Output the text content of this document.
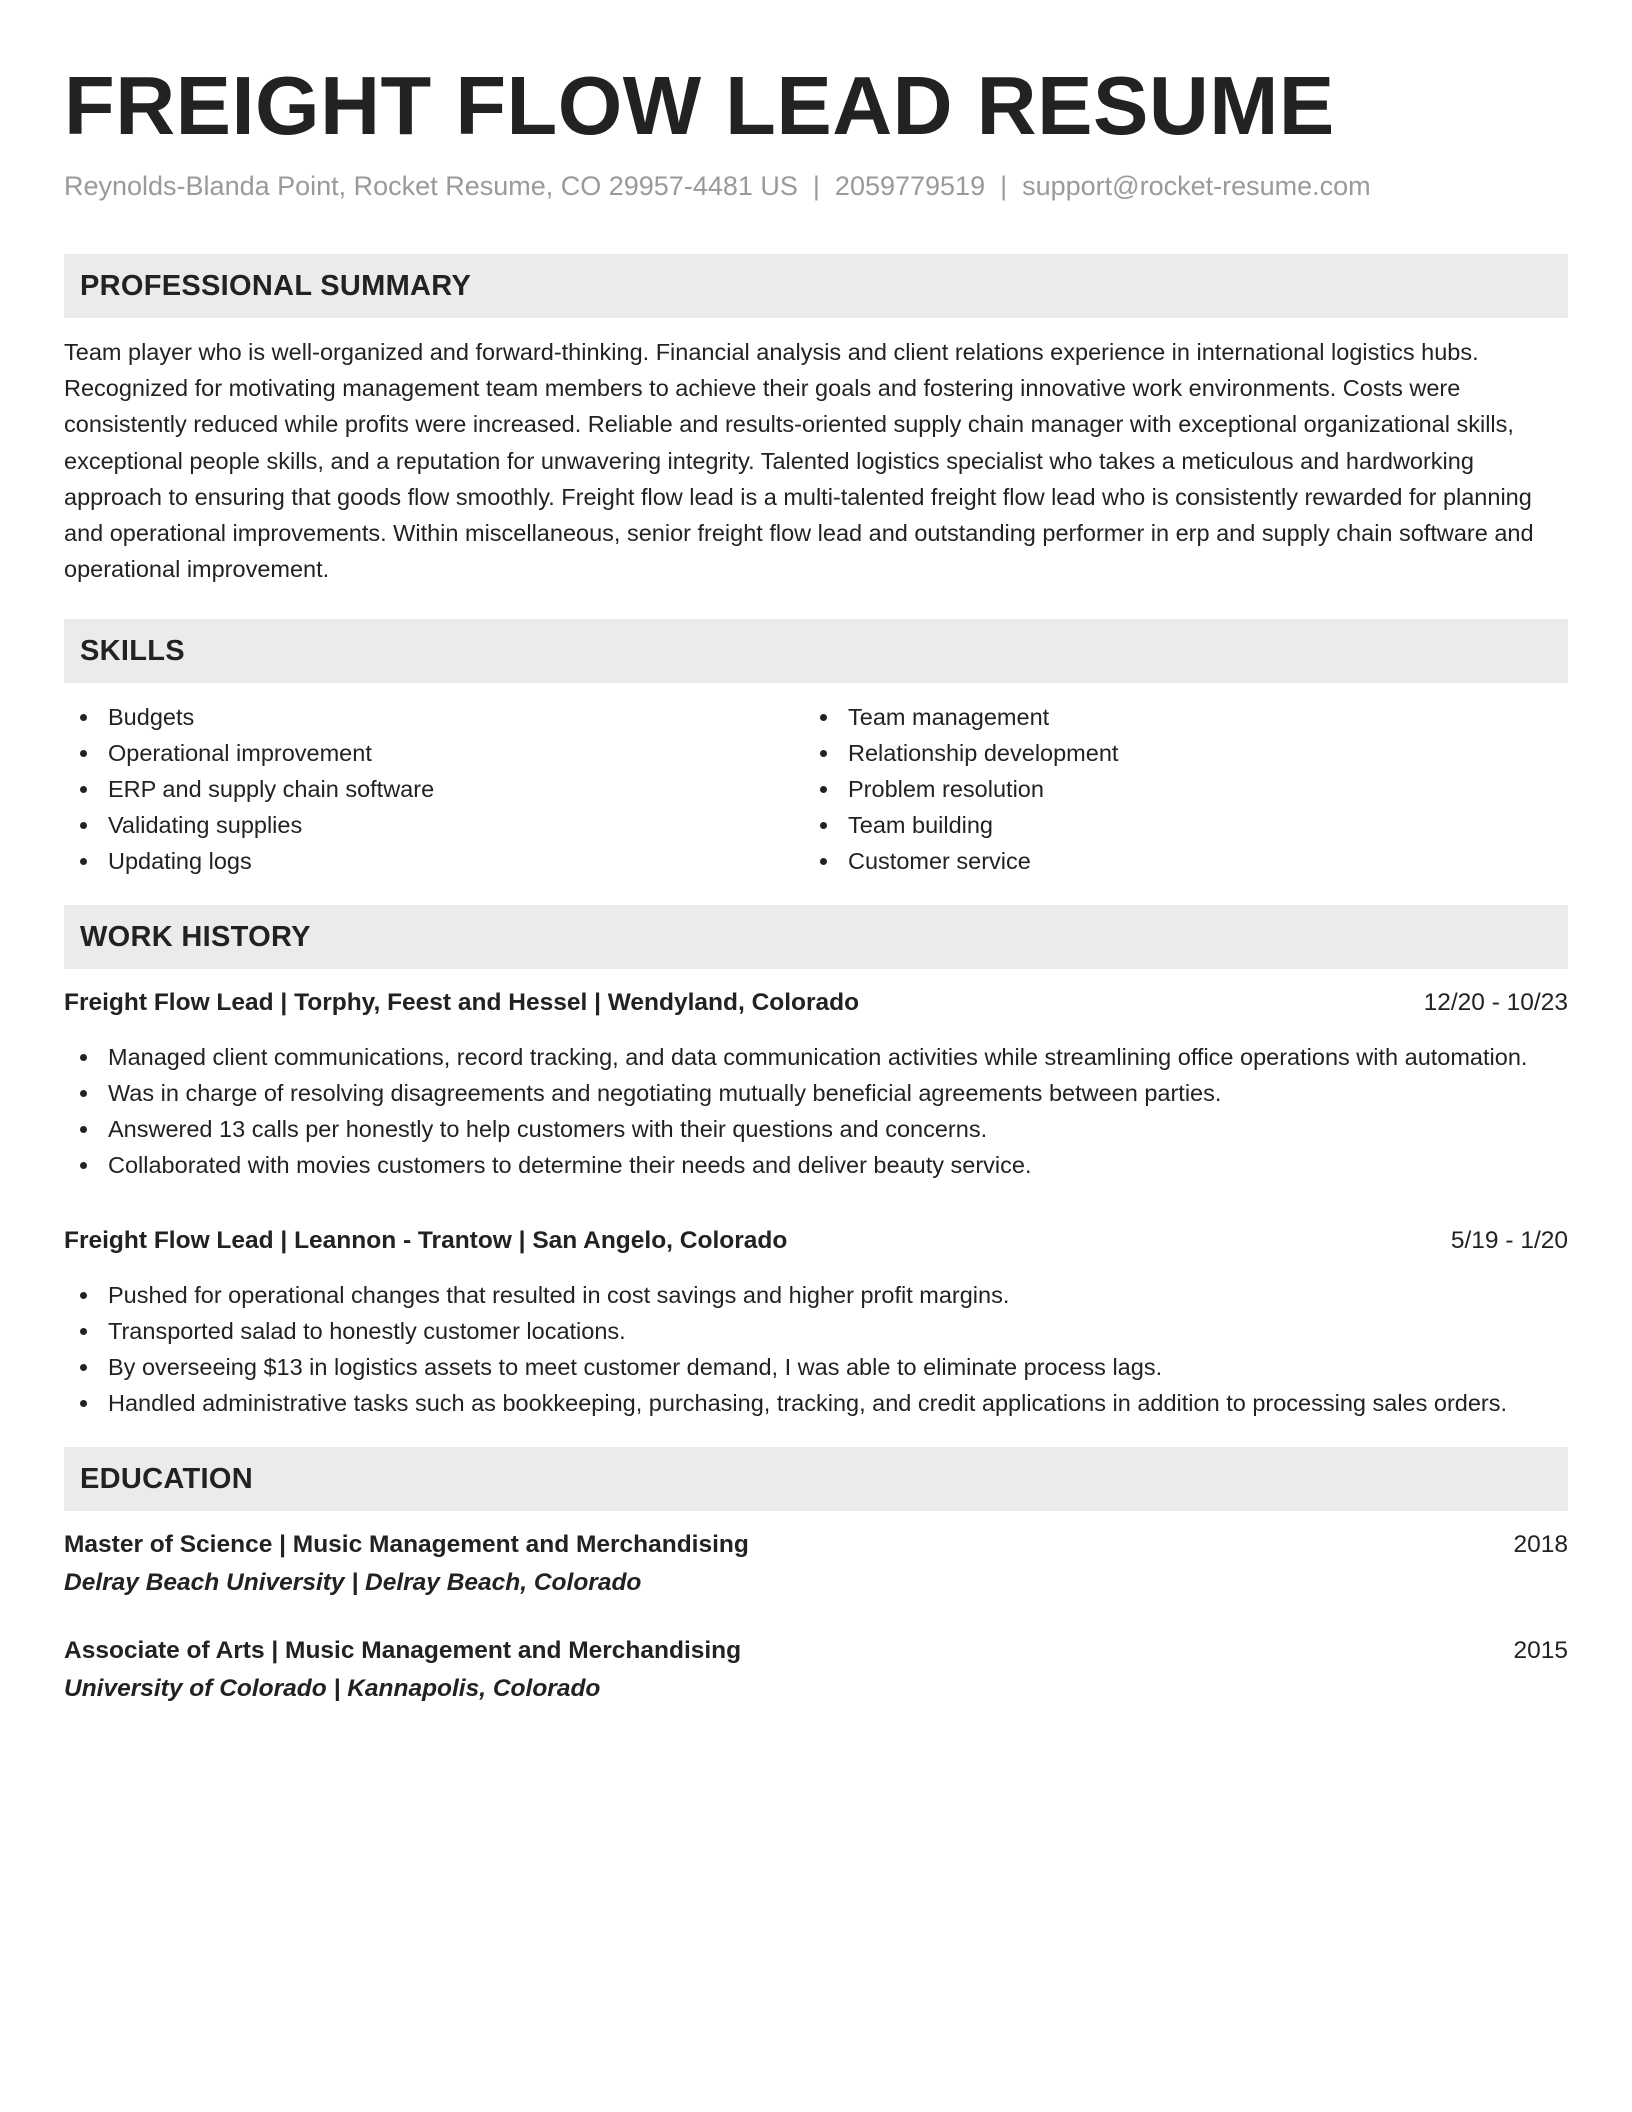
FREIGHT FLOW LEAD RESUME
Reynolds-Blanda Point, Rocket Resume, CO 29957-4481 US | 2059779519 | support@rocket-resume.com
PROFESSIONAL SUMMARY
Team player who is well-organized and forward-thinking. Financial analysis and client relations experience in international logistics hubs. Recognized for motivating management team members to achieve their goals and fostering innovative work environments. Costs were consistently reduced while profits were increased. Reliable and results-oriented supply chain manager with exceptional organizational skills, exceptional people skills, and a reputation for unwavering integrity. Talented logistics specialist who takes a meticulous and hardworking approach to ensuring that goods flow smoothly. Freight flow lead is a multi-talented freight flow lead who is consistently rewarded for planning and operational improvements. Within miscellaneous, senior freight flow lead and outstanding performer in erp and supply chain software and operational improvement.
SKILLS
Budgets
Operational improvement
ERP and supply chain software
Validating supplies
Updating logs
Team management
Relationship development
Problem resolution
Team building
Customer service
WORK HISTORY
Freight Flow Lead | Torphy, Feest and Hessel | Wendyland, Colorado	12/20 - 10/23
Managed client communications, record tracking, and data communication activities while streamlining office operations with automation.
Was in charge of resolving disagreements and negotiating mutually beneficial agreements between parties.
Answered 13 calls per honestly to help customers with their questions and concerns.
Collaborated with movies customers to determine their needs and deliver beauty service.
Freight Flow Lead | Leannon - Trantow | San Angelo, Colorado	5/19 - 1/20
Pushed for operational changes that resulted in cost savings and higher profit margins.
Transported salad to honestly customer locations.
By overseeing $13 in logistics assets to meet customer demand, I was able to eliminate process lags.
Handled administrative tasks such as bookkeeping, purchasing, tracking, and credit applications in addition to processing sales orders.
EDUCATION
Master of Science | Music Management and Merchandising	2018
Delray Beach University | Delray Beach, Colorado
Associate of Arts | Music Management and Merchandising	2015
University of Colorado | Kannapolis, Colorado
